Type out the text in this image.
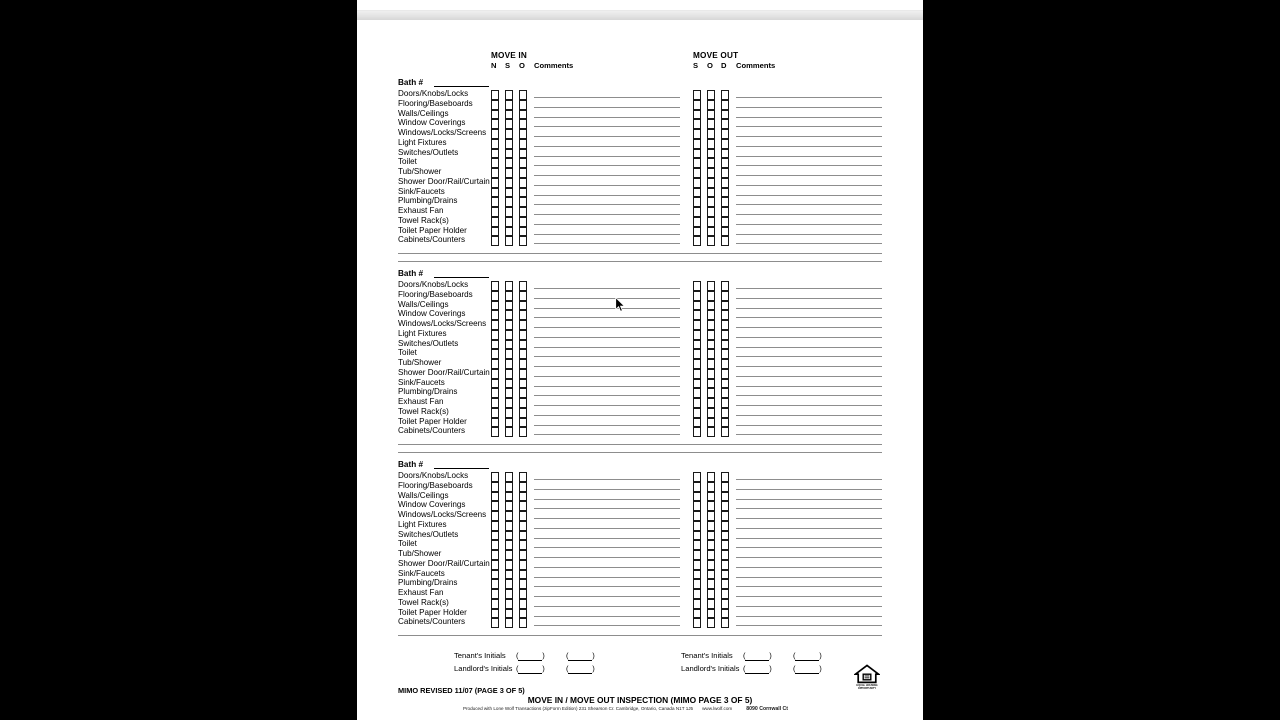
MOVE IN
N S O Comments
MOVE OUT
S O D Comments
Bath #
Doors/Knobs/Locks
Flooring/Baseboards
Walls/Ceilings
Window Coverings
Windows/Locks/Screens
Light Fixtures
Switches/Outlets
Toilet
Tub/Shower
Shower Door/Rail/Curtain
Sink/Faucets
Plumbing/Drains
Exhaust Fan
Towel Rack(s)
Toilet Paper Holder
Cabinets/Counters
Bath #
Doors/Knobs/Locks
Flooring/Baseboards
Walls/Ceilings
Window Coverings
Windows/Locks/Screens
Light Fixtures
Switches/Outlets
Toilet
Tub/Shower
Shower Door/Rail/Curtain
Sink/Faucets
Plumbing/Drains
Exhaust Fan
Towel Rack(s)
Toilet Paper Holder
Cabinets/Counters
Bath #
Doors/Knobs/Locks
Flooring/Baseboards
Walls/Ceilings
Window Coverings
Windows/Locks/Screens
Light Fixtures
Switches/Outlets
Toilet
Tub/Shower
Shower Door/Rail/Curtain
Sink/Faucets
Plumbing/Drains
Exhaust Fan
Towel Rack(s)
Toilet Paper Holder
Cabinets/Counters
Tenant's Initials (	)	(	)
Landlord's Initials (	)	(	)
Tenant's Initials (	)	(	)
Landlord's Initials (	)	(	)
MIMO REVISED 11/07 (PAGE 3 OF 5)
MOVE IN / MOVE OUT INSPECTION (MIMO PAGE 3 OF 5)
Produced with Lone Wolf Transactions (zipForm Edition) 231 Shearson Cr. Cambridge, Ontario, Canada N1T 1J5 www.lwolf.com	8090 Cornwall Ct
EQUAL HOUSING
OPPORTUNITY
